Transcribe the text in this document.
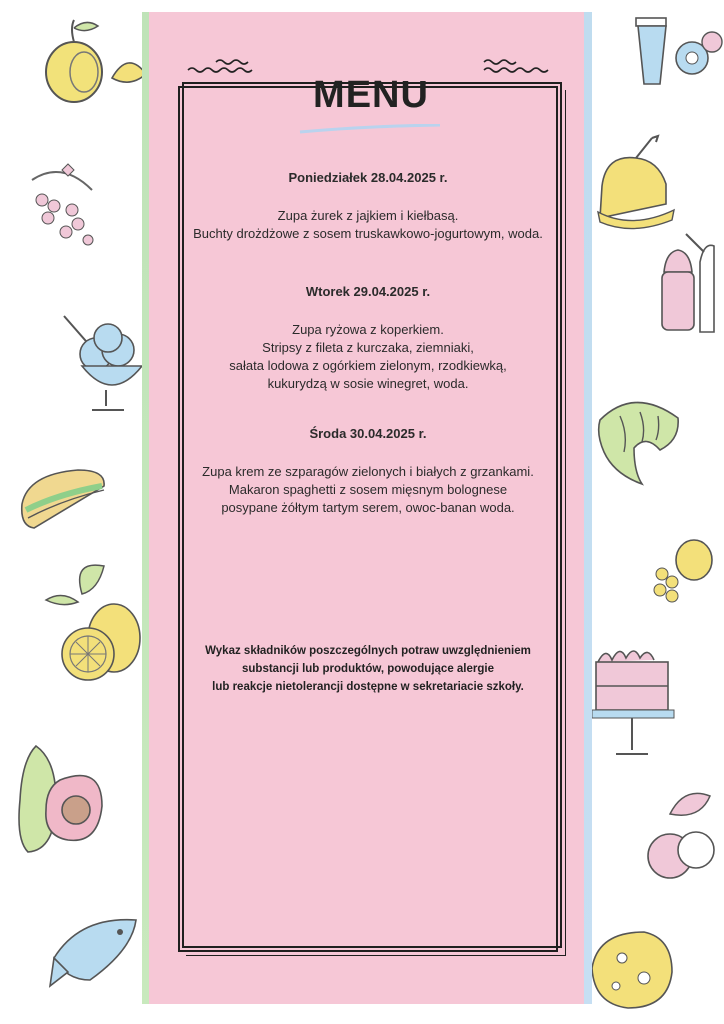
MENU
Poniedziałek 28.04.2025 r.
Zupa żurek z jajkiem i kiełbasą.
Buchty drożdżowe z sosem truskawkowo-jogurtowym, woda.
Wtorek 29.04.2025 r.
Zupa ryżowa z koperkiem.
Stripsy z fileta z kurczaka, ziemniaki,
sałata lodowa z ogórkiem zielonym, rzodkiewką,
kukurydzą w sosie winegret, woda.
Środa 30.04.2025 r.
Zupa krem ze szparagów zielonych i białych z grzankami.
Makaron spaghetti z sosem mięsnym bolognese
posypane żółtym tartym serem, owoc-banan woda.
Wykaz składników poszczególnych potraw uwzględnieniem
substancji lub produktów, powodujące alergie
lub reakcje nietolerancji dostępne w sekretariacie szkoły.
